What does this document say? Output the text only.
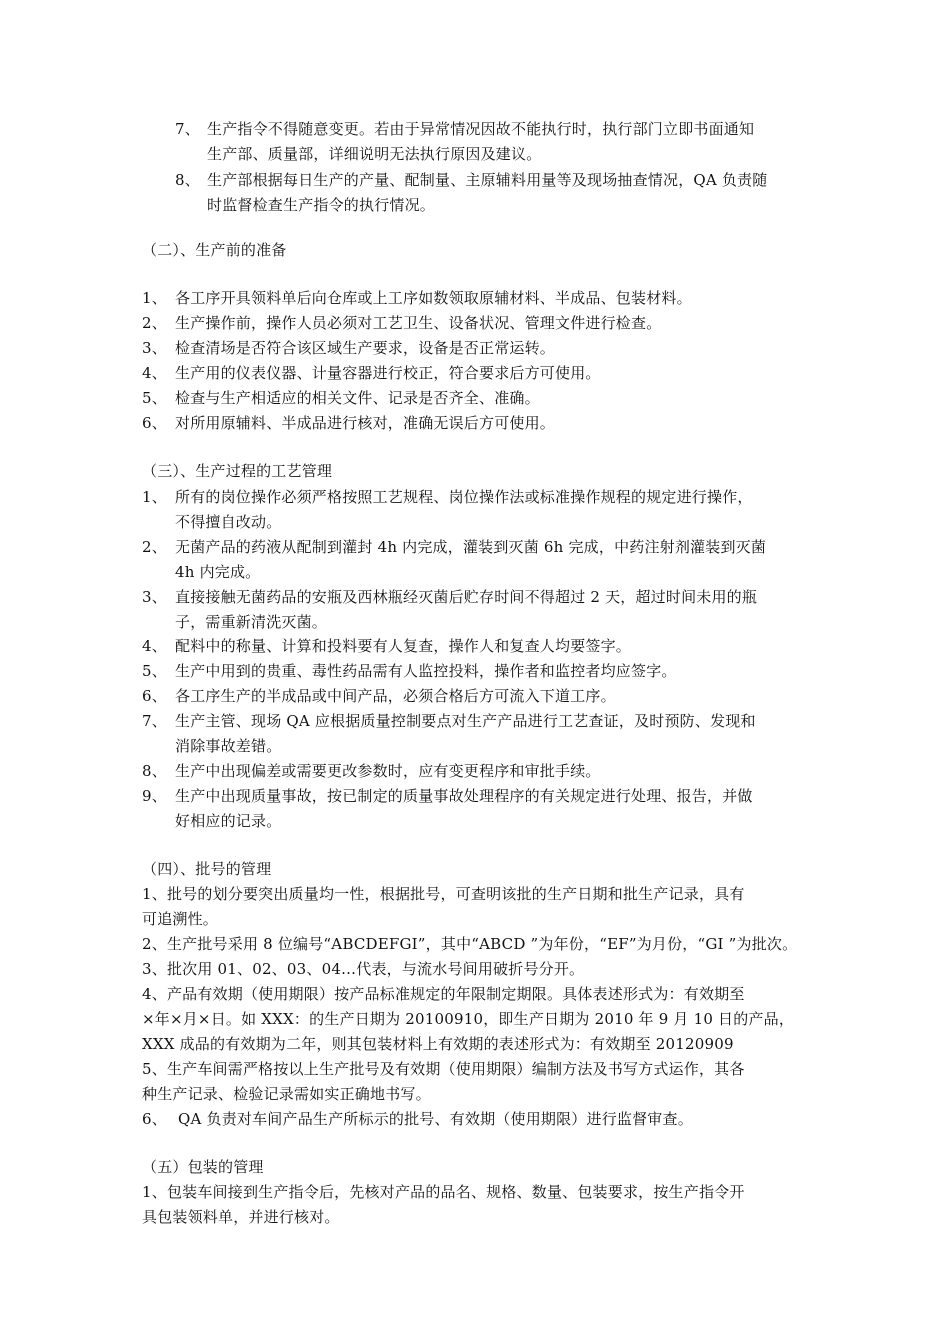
7、 生产指令不得随意变更。若由于异常情况因故不能执行时，执行部门立即书面通知
生产部、质量部，详细说明无法执行原因及建议。
8、 生产部根据每日生产的产量、配制量、主原辅料用量等及现场抽查情况，QA 负责随
时监督检查生产指令的执行情况。
（二）、生产前的准备
1、 各工序开具领料单后向仓库或上工序如数领取原辅材料、半成品、包装材料。
2、 生产操作前，操作人员必须对工艺卫生、设备状况、管理文件进行检查。
3、 检查清场是否符合该区域生产要求，设备是否正常运转。
4、 生产用的仪表仪器、计量容器进行校正，符合要求后方可使用。
5、 检查与生产相适应的相关文件、记录是否齐全、准确。
6、 对所用原辅料、半成品进行核对，准确无误后方可使用。
（三）、生产过程的工艺管理
1、 所有的岗位操作必须严格按照工艺规程、岗位操作法或标准操作规程的规定进行操作，
不得擅自改动。
2、 无菌产品的药液从配制到灌封 4h 内完成，灌装到灭菌 6h 完成，中药注射剂灌装到灭菌
4h 内完成。
3、 直接接触无菌药品的安瓶及西林瓶经灭菌后贮存时间不得超过 2 天，超过时间未用的瓶
子，需重新清洗灭菌。
4、 配料中的称量、计算和投料要有人复查，操作人和复查人均要签字。
5、 生产中用到的贵重、毒性药品需有人监控投料，操作者和监控者均应签字。
6、 各工序生产的半成品或中间产品，必须合格后方可流入下道工序。
7、 生产主管、现场 QA 应根据质量控制要点对生产产品进行工艺查证，及时预防、发现和
消除事故差错。
8、 生产中出现偏差或需要更改参数时，应有变更程序和审批手续。
9、 生产中出现质量事故，按已制定的质量事故处理程序的有关规定进行处理、报告，并做
好相应的记录。
（四）、批号的管理
1、批号的划分要突出质量均一性，根据批号，可查明该批的生产日期和批生产记录，具有
可追溯性。
2、生产批号采用 8 位编号“ABCDEFGI”，其中“ABCD ”为年份，“EF”为月份，“GI ”为批次。
3、批次用 01、02、03、04…代表，与流水号间用破折号分开。
4、产品有效期（使用期限）按产品标准规定的年限制定期限。具体表述形式为：有效期至
×年×月×日。如 XXX：的生产日期为 20100910，即生产日期为 2010 年 9 月 10 日的产品，
XXX 成品的有效期为二年，则其包装材料上有效期的表述形式为：有效期至 20120909
5、生产车间需严格按以上生产批号及有效期（使用期限）编制方法及书写方式运作，其各
种生产记录、检验记录需如实正确地书写。
6、 QA 负责对车间产品生产所标示的批号、有效期（使用期限）进行监督审查。
（五）包装的管理
1、包装车间接到生产指令后，先核对产品的品名、规格、数量、包装要求，按生产指令开
具包装领料单，并进行核对。
